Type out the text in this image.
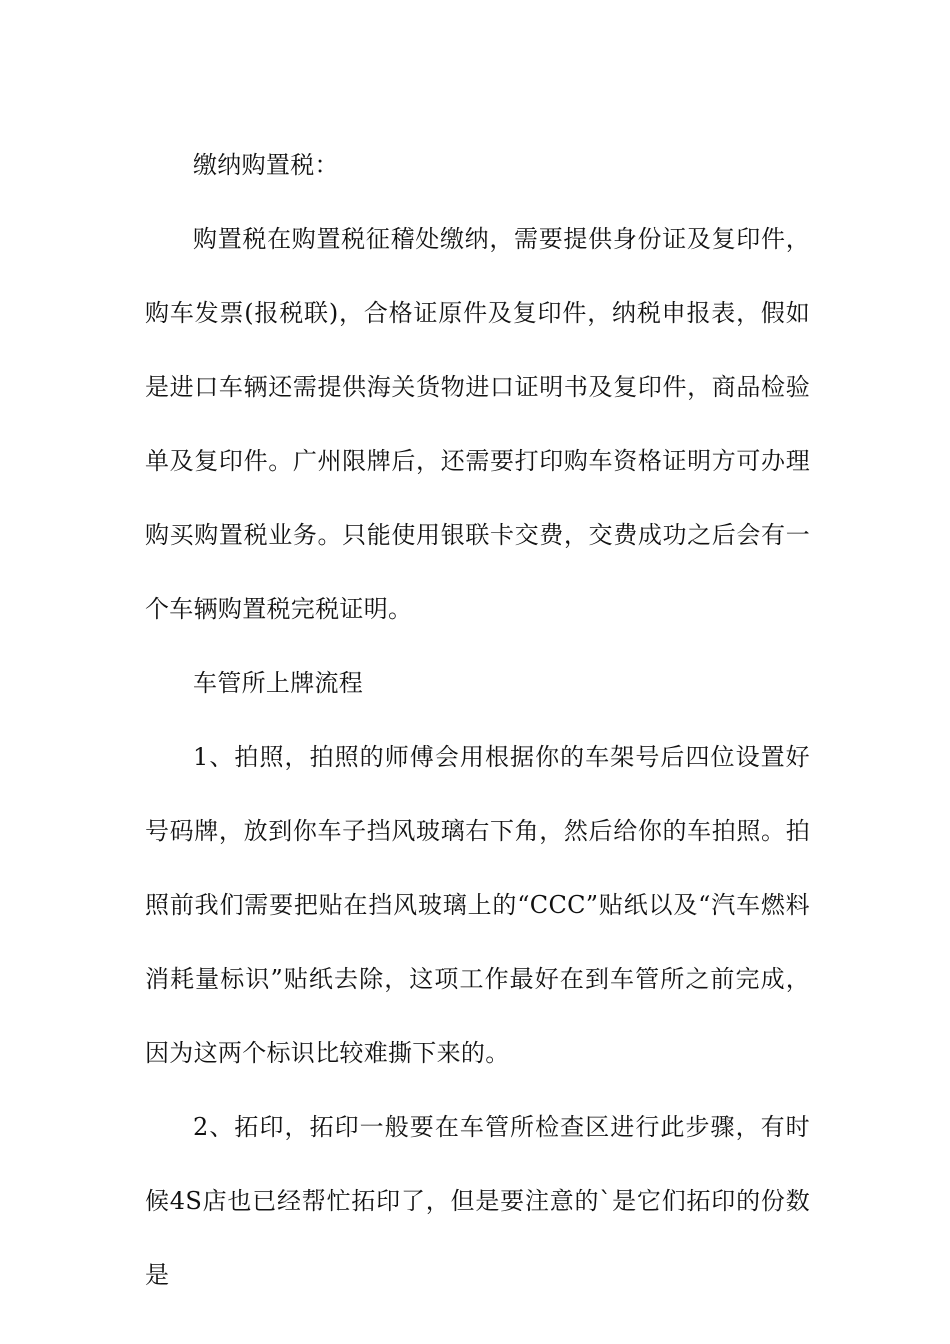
缴纳购置税：

购置税在购置税征稽处缴纳，需要提供身份证及复印件，购车发票(报税联)，合格证原件及复印件，纳税申报表，假如是进口车辆还需提供海关货物进口证明书及复印件，商品检验单及复印件。广州限牌后，还需要打印购车资格证明方可办理购买购置税业务。只能使用银联卡交费，交费成功之后会有一个车辆购置税完税证明。

车管所上牌流程

1、拍照，拍照的师傅会用根据你的车架号后四位设置好号码牌，放到你车子挡风玻璃右下角，然后给你的车拍照。拍照前我们需要把贴在挡风玻璃上的“CCC”贴纸以及“汽车燃料消耗量标识”贴纸去除，这项工作最好在到车管所之前完成，因为这两个标识比较难撕下来的。

2、拓印，拓印一般要在车管所检查区进行此步骤，有时候4S店也已经帮忙拓印了，但是要注意的`是它们拓印的份数是
